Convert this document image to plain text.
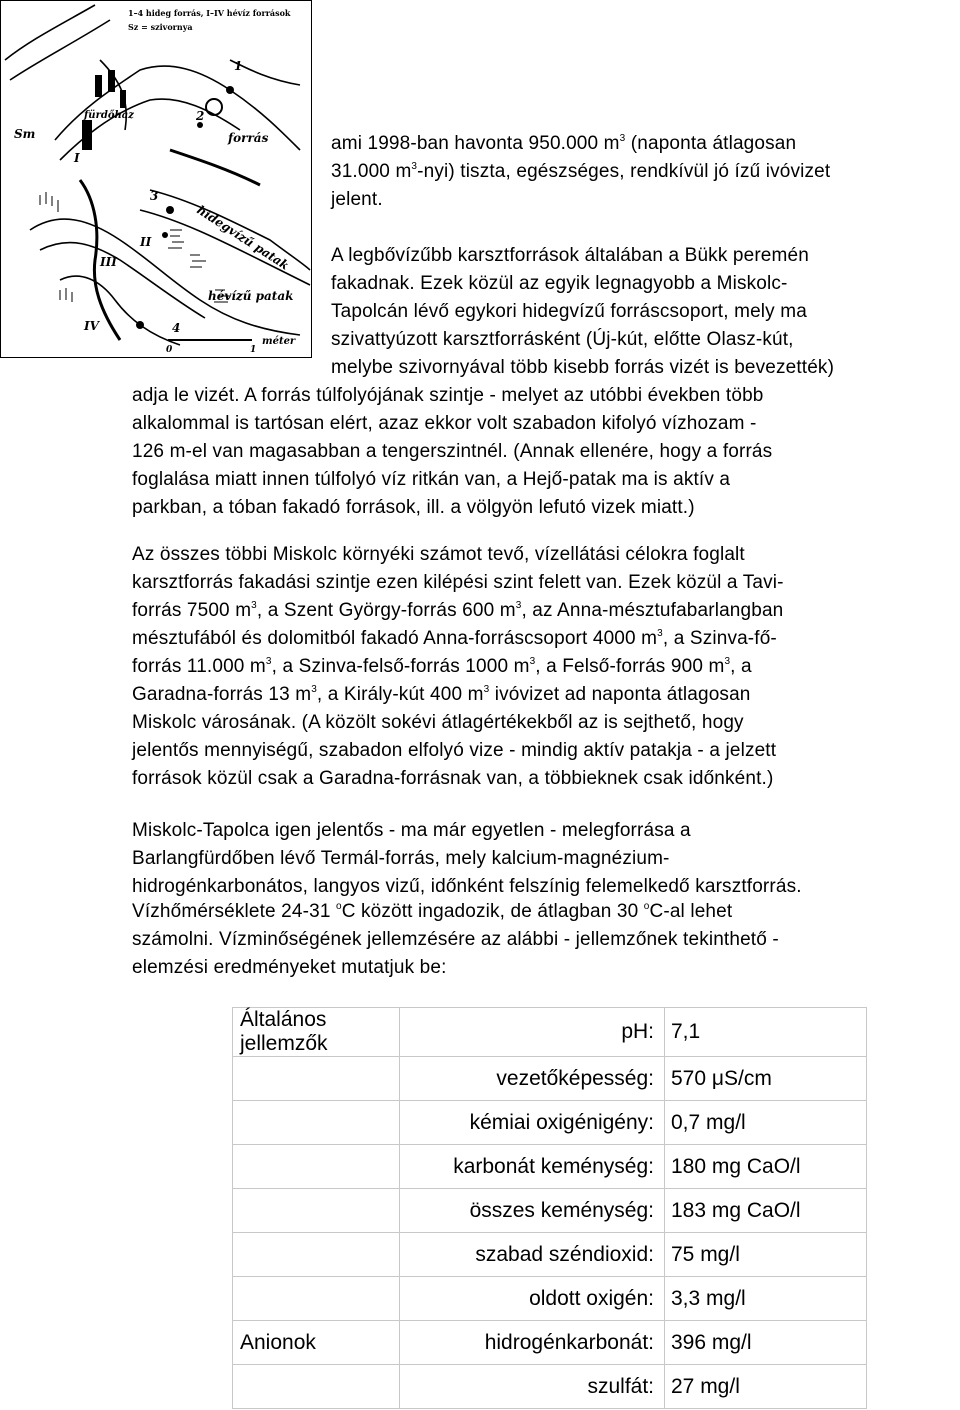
1–4 hideg forrás, I–IV hévíz források
Sz = szivornya
fürdőház
forrás
hidegvízű patak
hévízű patak
méter
Sm
I
II
III
IV
1
2
3
4
0	1
ami 1998-ban havonta 950.000 $m^3$ (naponta átlagosan
31.000 $m^3-nyi$) tiszta, egészséges, rendkívül jó ízű ivóvizet
jelent.
A legbővízűbb karsztforrások általában a Bükk peremén
fakadnak. Ezek közül az egyik legnagyobb a Miskolc-
Tapolcán lévő egykori hidegvízű forráscsoport, mely ma
szivattyúzott karsztforrásként (Új-kút, előtte Olasz-kút,
melybe szivornyával több kisebb forrás vizét is bevezették)
adja le vizét. A forrás túlfolyójának szintje - melyet az utóbbi években több
alkalommal is tartósan elért, azaz ekkor volt szabadon kifolyó vízhozam -
126 m-el van magasabban a tengerszintnél. (Annak ellenére, hogy a forrás
foglalása miatt innen túlfolyó víz ritkán van, a Hejő-patak ma is aktív a
parkban, a tóban fakadó források, ill. a völgyön lefutó vizek miatt.)
Az összes többi Miskolc környéki számot tevő, vízellátási célokra foglalt
karsztforrás fakadási szintje ezen kilépési szint felett van. Ezek közül a Tavi-
forrás 7500 $m^3$, a Szent György-forrás 600 $m^3$, az Anna-mésztufabarlangban
mésztufából és dolomitból fakadó Anna-forráscsoport 4000 $m^3$, a Szinva-fő-
forrás 11.000 $m^3$, a Szinva-felső-forrás 1000 $m^3$, a Felső-forrás 900 $m^3$, a
Garadna-forrás 13 $m^3$, a Király-kút 400 $m^3$ ivóvizet ad naponta átlagosan
Miskolc városának. (A közölt sokévi átlagértékekből az is sejthető, hogy
jelentős mennyiségű, szabadon elfolyó vize - mindig aktív patakja - a jelzett
források közül csak a Garadna-forrásnak van, a többieknek csak időnként.)
Miskolc-Tapolca igen jelentős - ma már egyetlen - melegforrása a
Barlangfürdőben lévő Termál-forrás, mely kalcium-magnézium-
hidrogénkarbonátos, langyos vizű, időnként felszínig felemelkedő karsztforrás.
Vízhőmérséklete 24-31 $^o$C között ingadozik, de átlagban 30 $^o$C-al lehet
számolni. Vízminőségének jellemzésére az alábbi - jellemzőnek tekinthető -
elemzési eredményeket mutatjuk be:
Általános jellemzők	pH:	7,1
	vezetőképesség:	570 μS/cm
	kémiai oxigénigény:	0,7 mg/l
	karbonát keménység:	180 mg CaO/l
	összes keménység:	183 mg CaO/l
	szabad széndioxid:	75 mg/l
	oldott oxigén:	3,3 mg/l
Anionok	hidrogénkarbonát:	396 mg/l
	szulfát:	27 mg/l
